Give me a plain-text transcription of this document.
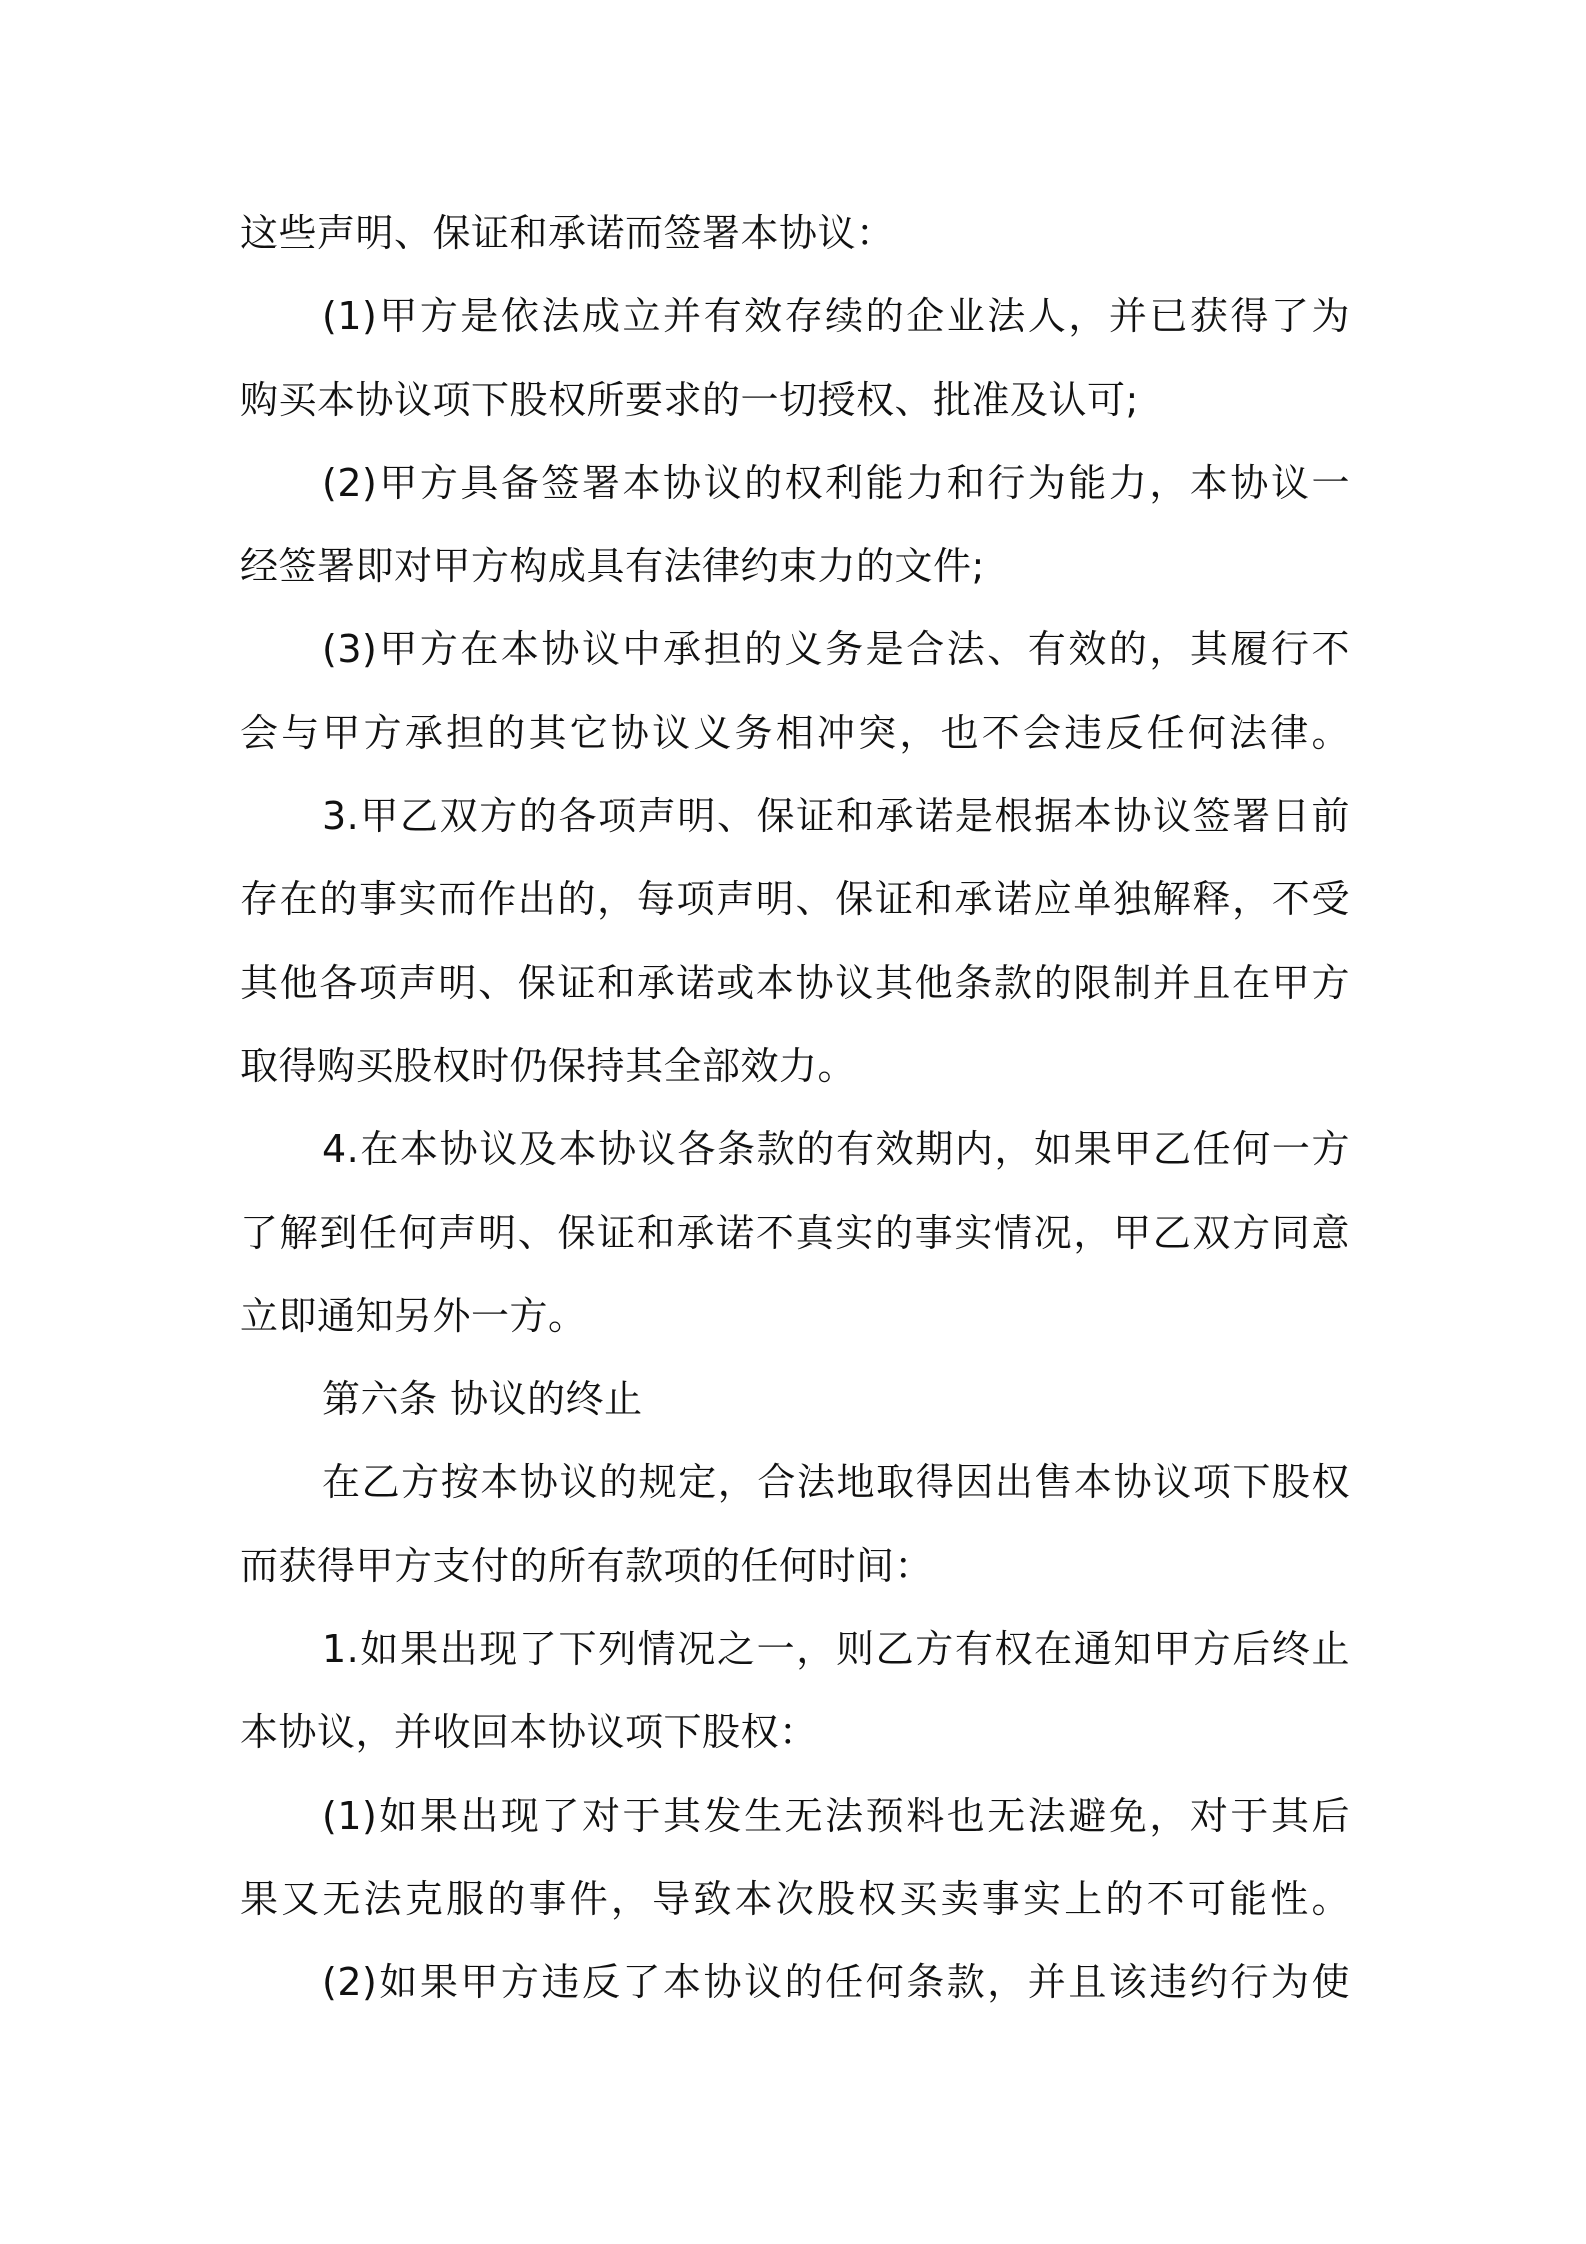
这些声明、保证和承诺而签署本协议：
(1)甲方是依法成立并有效存续的企业法人，并已获得了为
购买本协议项下股权所要求的一切授权、批准及认可;
(2)甲方具备签署本协议的权利能力和行为能力，本协议一
经签署即对甲方构成具有法律约束力的文件;
(3)甲方在本协议中承担的义务是合法、有效的，其履行不
会与甲方承担的其它协议义务相冲突，也不会违反任何法律。
3.甲乙双方的各项声明、保证和承诺是根据本协议签署日前
存在的事实而作出的，每项声明、保证和承诺应单独解释，不受
其他各项声明、保证和承诺或本协议其他条款的限制并且在甲方
取得购买股权时仍保持其全部效力。
4.在本协议及本协议各条款的有效期内，如果甲乙任何一方
了解到任何声明、保证和承诺不真实的事实情况，甲乙双方同意
立即通知另外一方。
第六条 协议的终止
在乙方按本协议的规定，合法地取得因出售本协议项下股权
而获得甲方支付的所有款项的任何时间：
1.如果出现了下列情况之一，则乙方有权在通知甲方后终止
本协议，并收回本协议项下股权：
(1)如果出现了对于其发生无法预料也无法避免，对于其后
果又无法克服的事件，导致本次股权买卖事实上的不可能性。
(2)如果甲方违反了本协议的任何条款，并且该违约行为使
